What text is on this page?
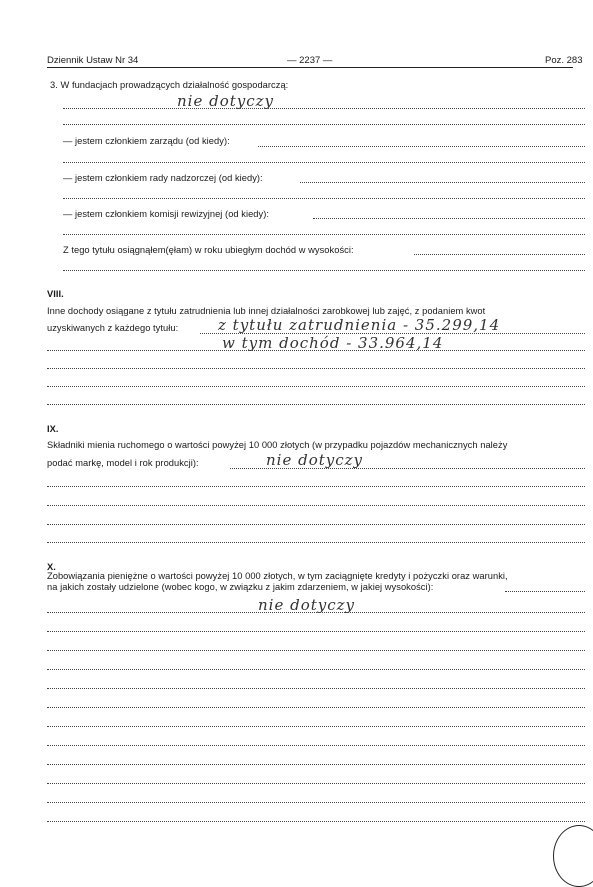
Dziennik Ustaw Nr 34	— 2237 —	Poz. 283
3. W fundacjach prowadzących działalność gospodarczą:
nie dotyczy
— jestem członkiem zarządu (od kiedy):
— jestem członkiem rady nadzorczej (od kiedy):
— jestem członkiem komisji rewizyjnej (od kiedy):
Z tego tytułu osiągnąłem(ęłam) w roku ubiegłym dochód w wysokości:
VIII.
Inne dochody osiągane z tytułu zatrudnienia lub innej działalności zarobkowej lub zajęć, z podaniem kwot
uzyskiwanych z każdego tytułu:	z tytułu zatrudnienia - 35.299,14
w tym dochód - 33.964,14
IX.
Składniki mienia ruchomego o wartości powyżej 10 000 złotych (w przypadku pojazdów mechanicznych należy
podać markę, model i rok produkcji):	nie dotyczy
X.
Zobowiązania pieniężne o wartości powyżej 10 000 złotych, w tym zaciągnięte kredyty i pożyczki oraz warunki,
na jakich zostały udzielone (wobec kogo, w związku z jakim zdarzeniem, w jakiej wysokości):
nie dotyczy
